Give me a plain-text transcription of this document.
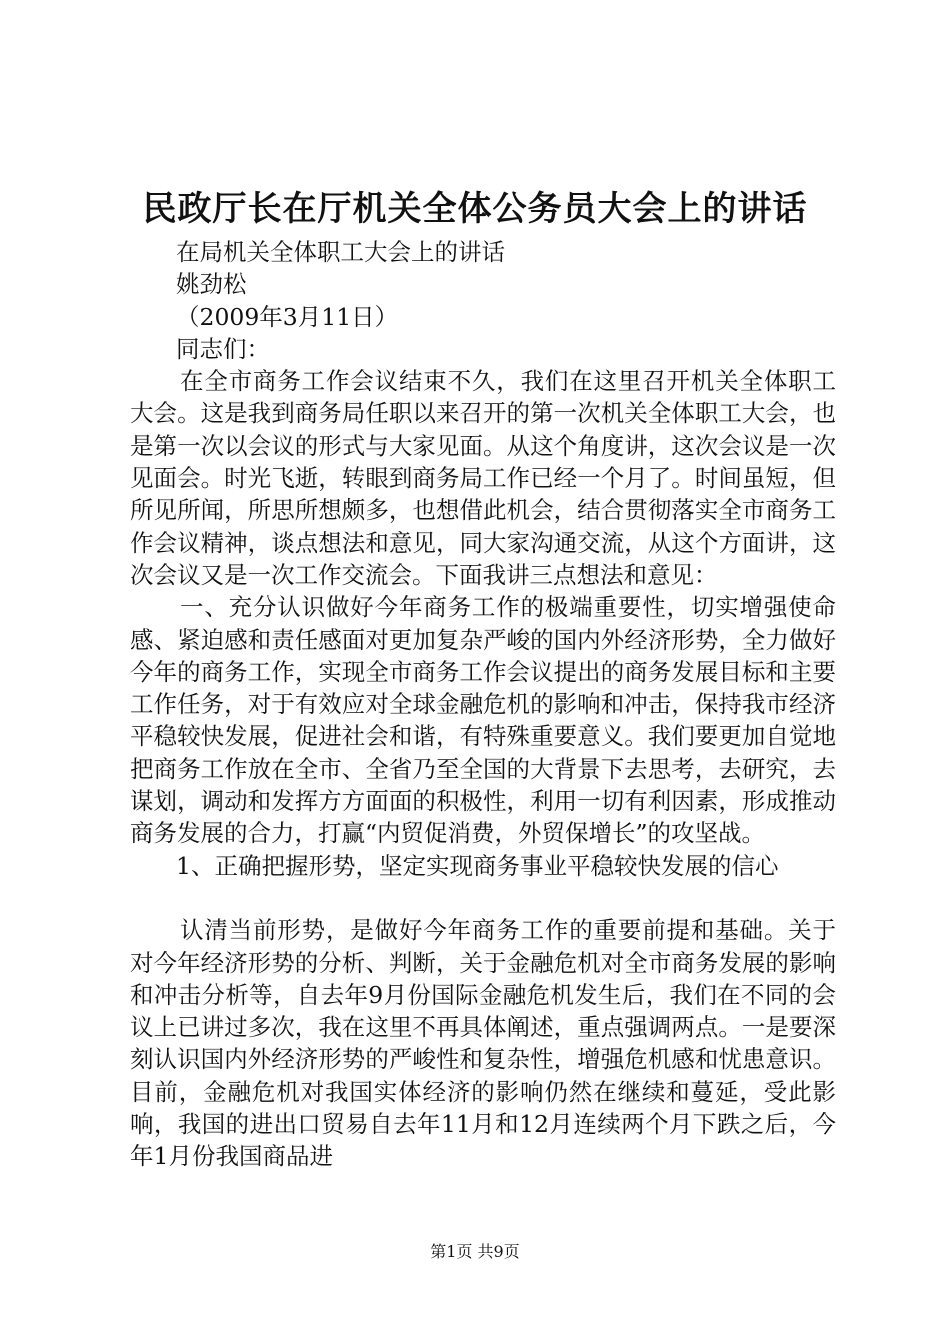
民政厅长在厅机关全体公务员大会上的讲话
在局机关全体职工大会上的讲话
姚劲松
（2009年3月11日）
同志们：

在全市商务工作会议结束不久，我们在这里召开机关全体职工大会。这是我到商务局任职以来召开的第一次机关全体职工大会，也是第一次以会议的形式与大家见面。从这个角度讲，这次会议是一次见面会。时光飞逝，转眼到商务局工作已经一个月了。时间虽短，但所见所闻，所思所想颇多，也想借此机会，结合贯彻落实全市商务工作会议精神，谈点想法和意见，同大家沟通交流，从这个方面讲，这次会议又是一次工作交流会。下面我讲三点想法和意见：

一、充分认识做好今年商务工作的极端重要性，切实增强使命感、紧迫感和责任感面对更加复杂严峻的国内外经济形势，全力做好今年的商务工作，实现全市商务工作会议提出的商务发展目标和主要工作任务，对于有效应对全球金融危机的影响和冲击，保持我市经济平稳较快发展，促进社会和谐，有特殊重要意义。我们要更加自觉地把商务工作放在全市、全省乃至全国的大背景下去思考，去研究，去谋划，调动和发挥方方面面的积极性，利用一切有利因素，形成推动商务发展的合力，打赢“内贸促消费，外贸保增长”的攻坚战。

1、正确把握形势，坚定实现商务事业平稳较快发展的信心

认清当前形势，是做好今年商务工作的重要前提和基础。关于对今年经济形势的分析、判断，关于金融危机对全市商务发展的影响和冲击分析等，自去年9月份国际金融危机发生后，我们在不同的会议上已讲过多次，我在这里不再具体阐述，重点强调两点。一是要深刻认识国内外经济形势的严峻性和复杂性，增强危机感和忧患意识。目前，金融危机对我国实体经济的影响仍然在继续和蔓延，受此影响，我国的进出口贸易自去年11月和12月连续两个月下跌之后，今年1月份我国商品进

第1页 共9页
